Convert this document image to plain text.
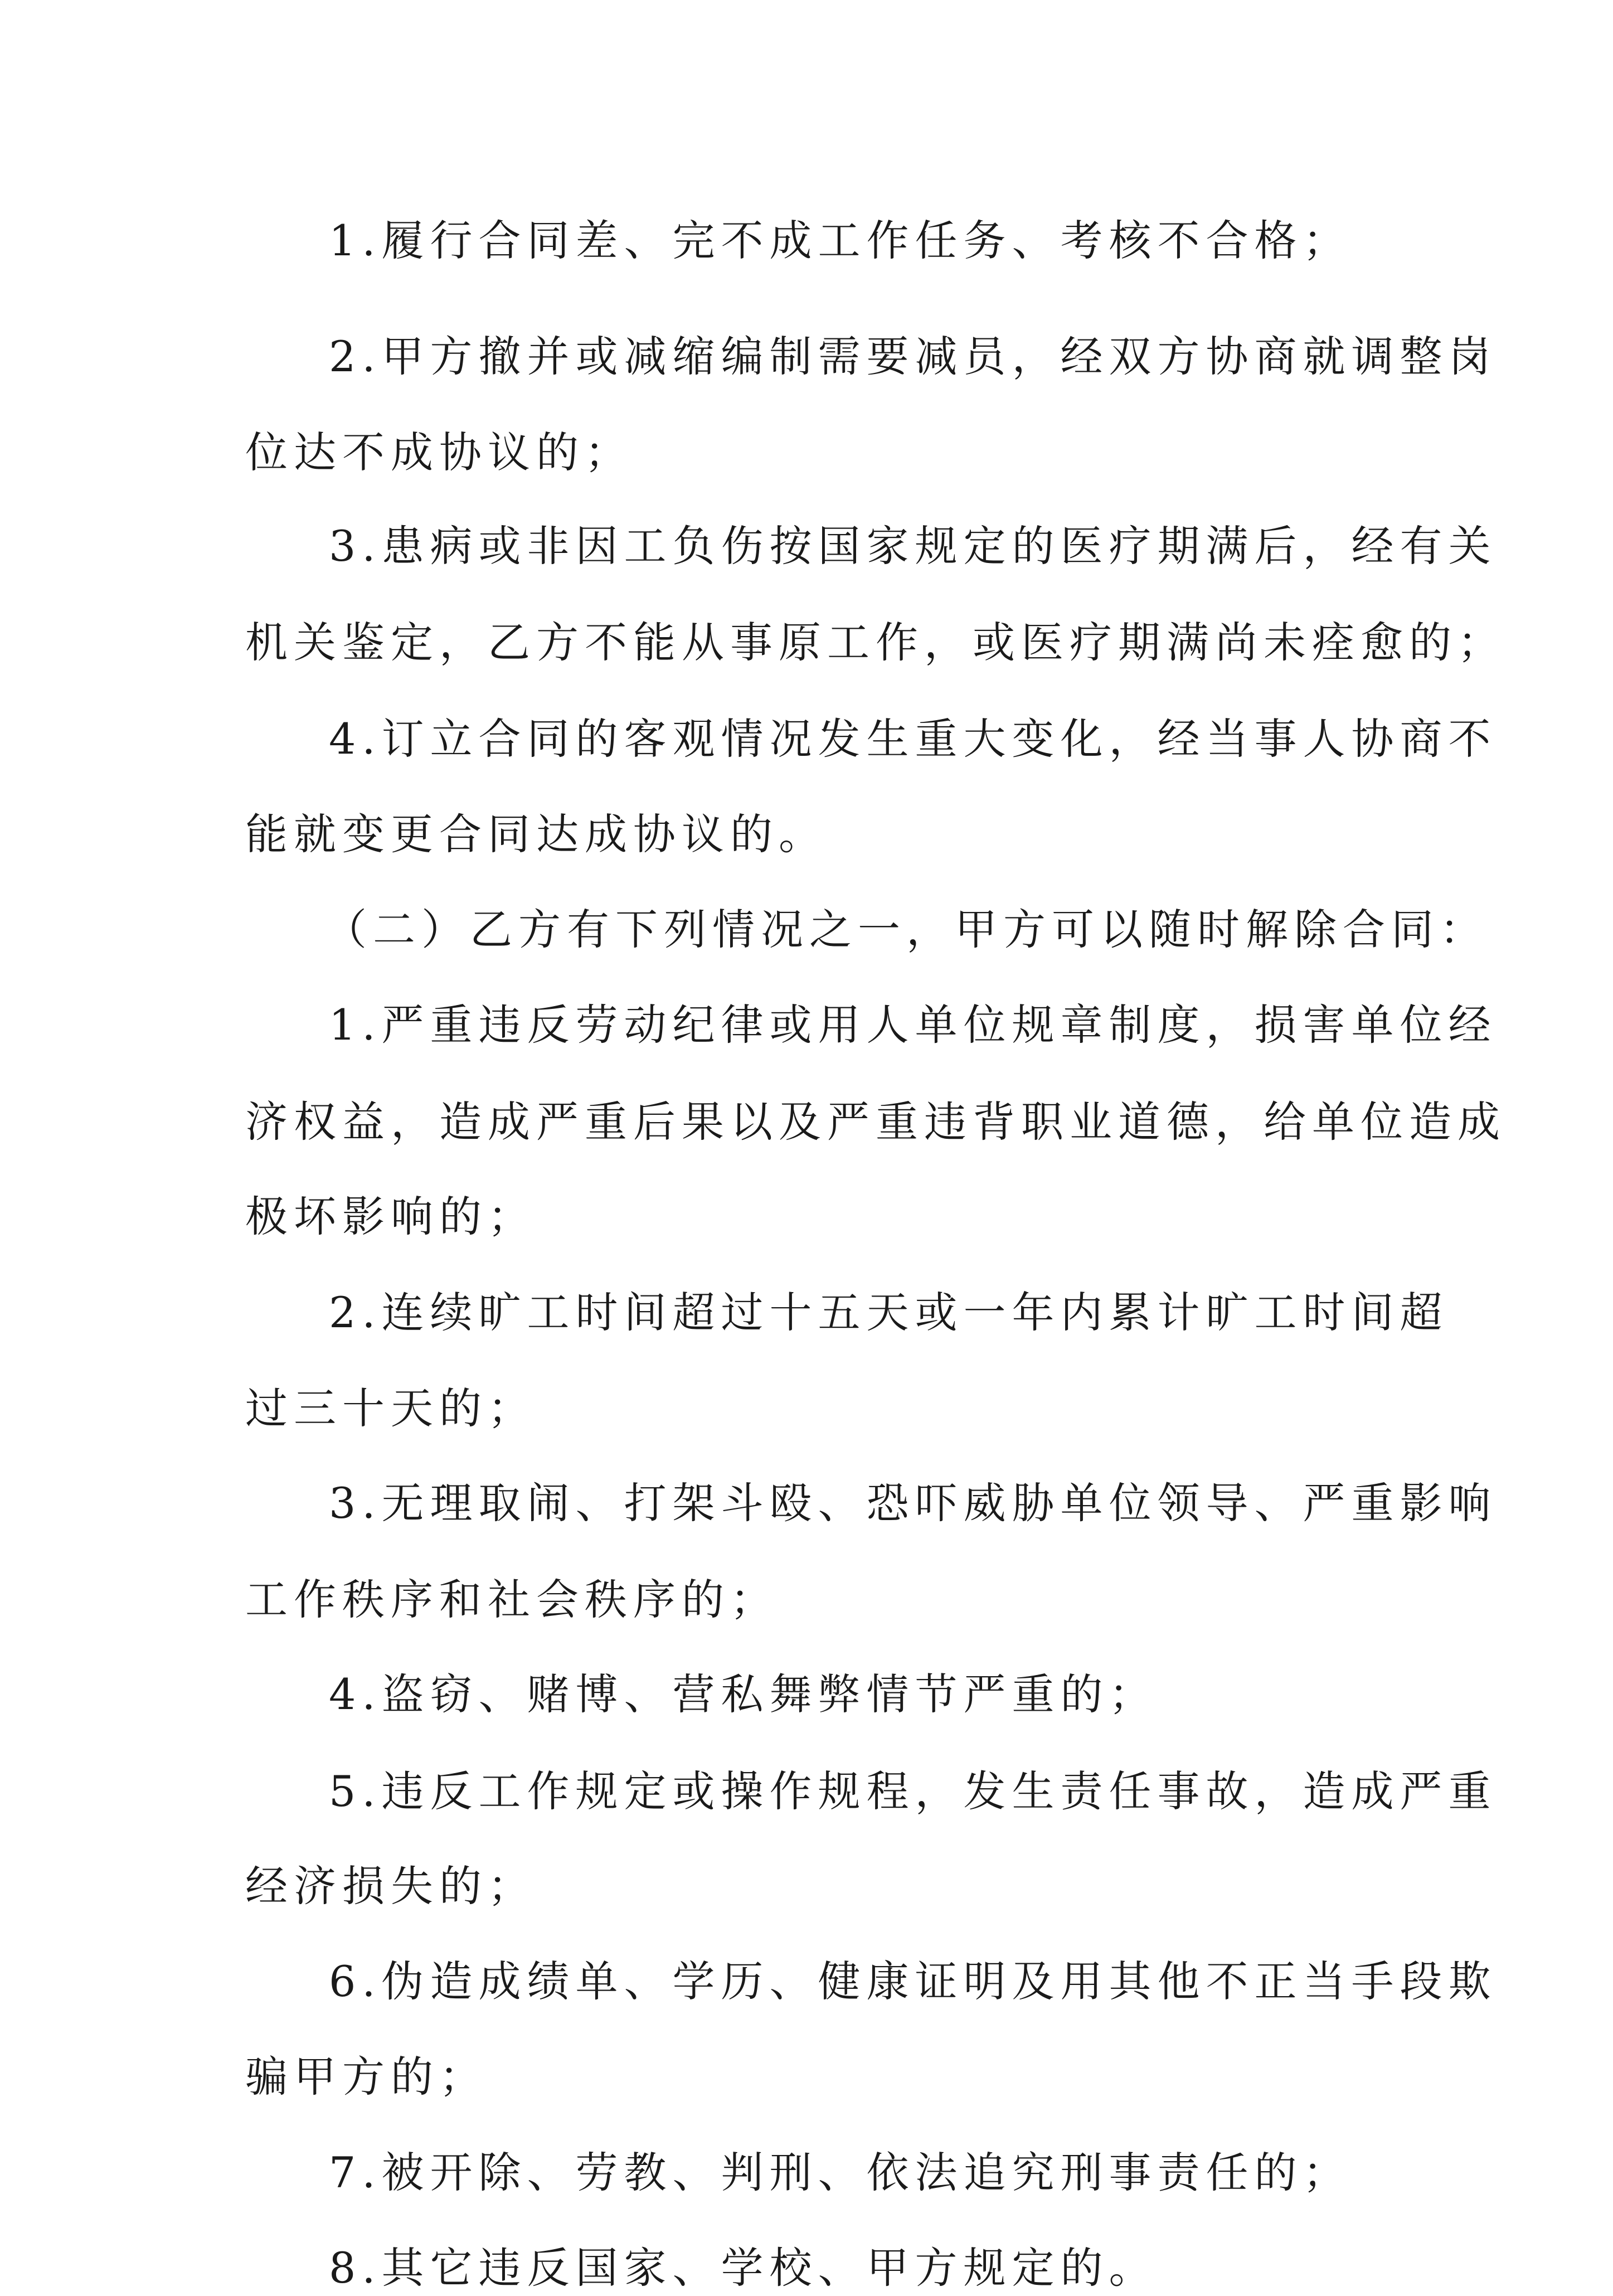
1.履行合同差、完不成工作任务、考核不合格；
2.甲方撤并或减缩编制需要减员，经双方协商就调整岗
位达不成协议的；
3.患病或非因工负伤按国家规定的医疗期满后，经有关
机关鉴定，乙方不能从事原工作，或医疗期满尚未痊愈的；
4.订立合同的客观情况发生重大变化，经当事人协商不
能就变更合同达成协议的。
（二）乙方有下列情况之一，甲方可以随时解除合同：
1.严重违反劳动纪律或用人单位规章制度，损害单位经
济权益，造成严重后果以及严重违背职业道德，给单位造成
极坏影响的；
2.连续旷工时间超过十五天或一年内累计旷工时间超
过三十天的；
3.无理取闹、打架斗殴、恐吓威胁单位领导、严重影响
工作秩序和社会秩序的；
4.盗窃、赌博、营私舞弊情节严重的；
5.违反工作规定或操作规程，发生责任事故，造成严重
经济损失的；
6.伪造成绩单、学历、健康证明及用其他不正当手段欺
骗甲方的；
7.被开除、劳教、判刑、依法追究刑事责任的；
8.其它违反国家、学校、甲方规定的。
